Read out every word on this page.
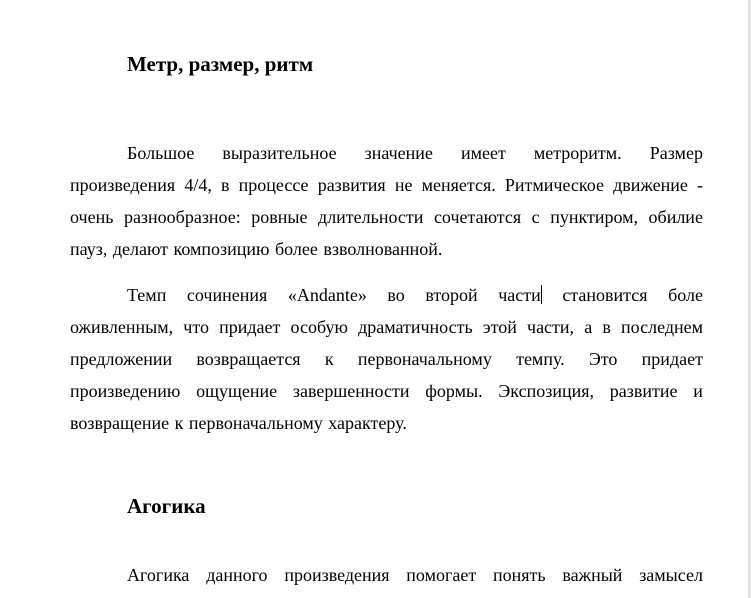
Метр, размер, ритм
Большое выразительное значение имеет метроритм. Размер
произведения 4/4, в процессе развития не меняется. Ритмическое движение -
очень разнообразное: ровные длительности сочетаются с пунктиром, обилие
пауз, делают композицию более взволнованной.
Темп сочинения «Andante» во второй части становится боле
оживленным, что придает особую драматичность этой части, а в последнем
предложении возвращается к первоначальному темпу. Это придает
произведению ощущение завершенности формы. Экспозиция, развитие и
возвращение к первоначальному характеру.
Агогика
Агогика данного произведения помогает понять важный замысел
